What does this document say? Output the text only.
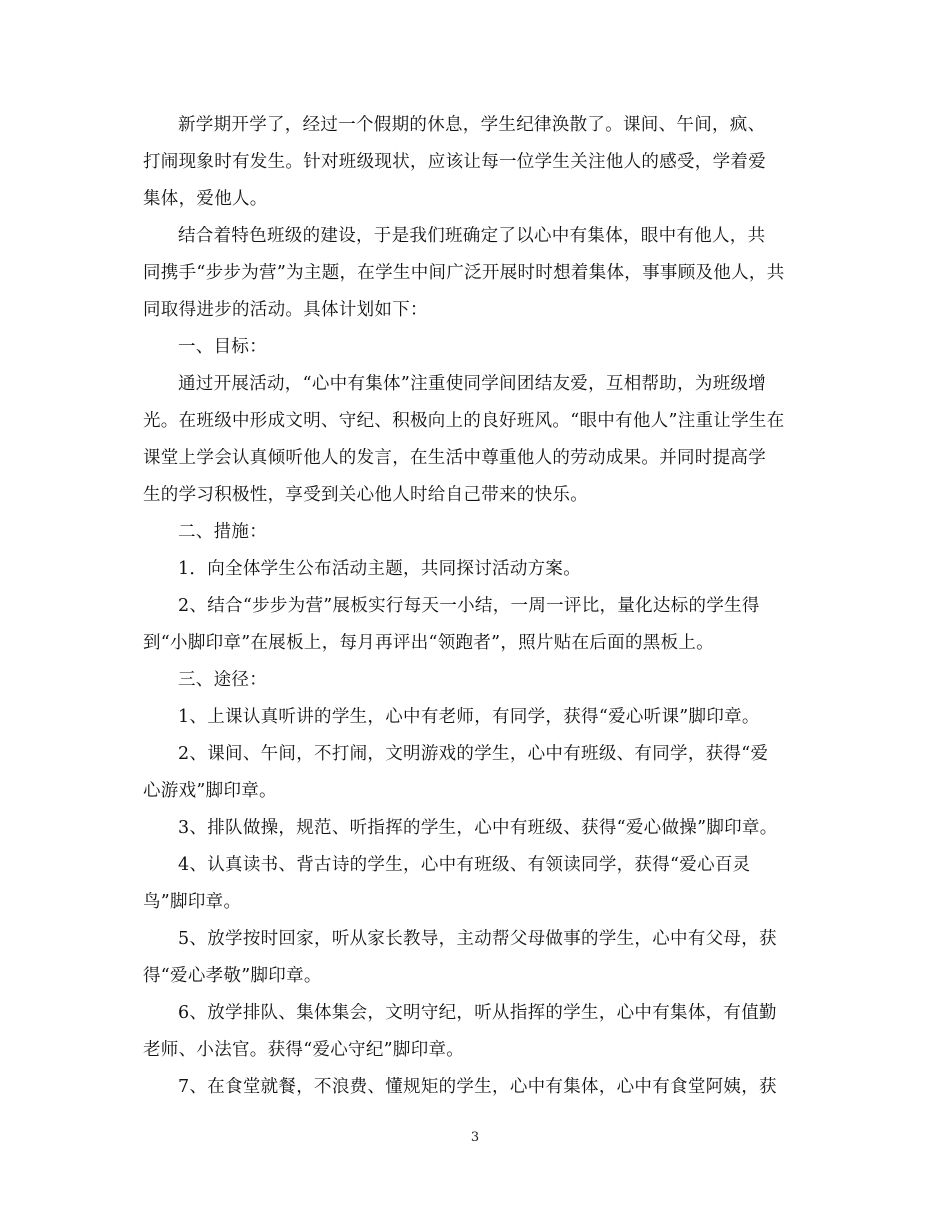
新学期开学了，经过一个假期的休息，学生纪律涣散了。课间、午间，疯、
打闹现象时有发生。针对班级现状，应该让每一位学生关注他人的感受，学着爱
集体，爱他人。
结合着特色班级的建设，于是我们班确定了以心中有集体，眼中有他人，共
同携手“步步为营”为主题，在学生中间广泛开展时时想着集体，事事顾及他人，共
同取得进步的活动。具体计划如下：
一、目标：
通过开展活动，“心中有集体”注重使同学间团结友爱，互相帮助，为班级增
光。在班级中形成文明、守纪、积极向上的良好班风。“眼中有他人”注重让学生在
课堂上学会认真倾听他人的发言，在生活中尊重他人的劳动成果。并同时提高学
生的学习积极性，享受到关心他人时给自己带来的快乐。
二、措施：
1．向全体学生公布活动主题，共同探讨活动方案。
2、结合“步步为营”展板实行每天一小结，一周一评比，量化达标的学生得
到“小脚印章”在展板上，每月再评出“领跑者”，照片贴在后面的黑板上。
三、途径：
1、上课认真听讲的学生，心中有老师，有同学，获得“爱心听课”脚印章。
2、课间、午间，不打闹，文明游戏的学生，心中有班级、有同学，获得“爱
心游戏”脚印章。
3、排队做操，规范、听指挥的学生，心中有班级、获得“爱心做操”脚印章。
4、认真读书、背古诗的学生，心中有班级、有领读同学，获得“爱心百灵
鸟”脚印章。
5、放学按时回家，听从家长教导，主动帮父母做事的学生，心中有父母，获
得“爱心孝敬”脚印章。
6、放学排队、集体集会，文明守纪，听从指挥的学生，心中有集体，有值勤
老师、小法官。获得“爱心守纪”脚印章。
7、在食堂就餐，不浪费、懂规矩的学生，心中有集体，心中有食堂阿姨，获
3
